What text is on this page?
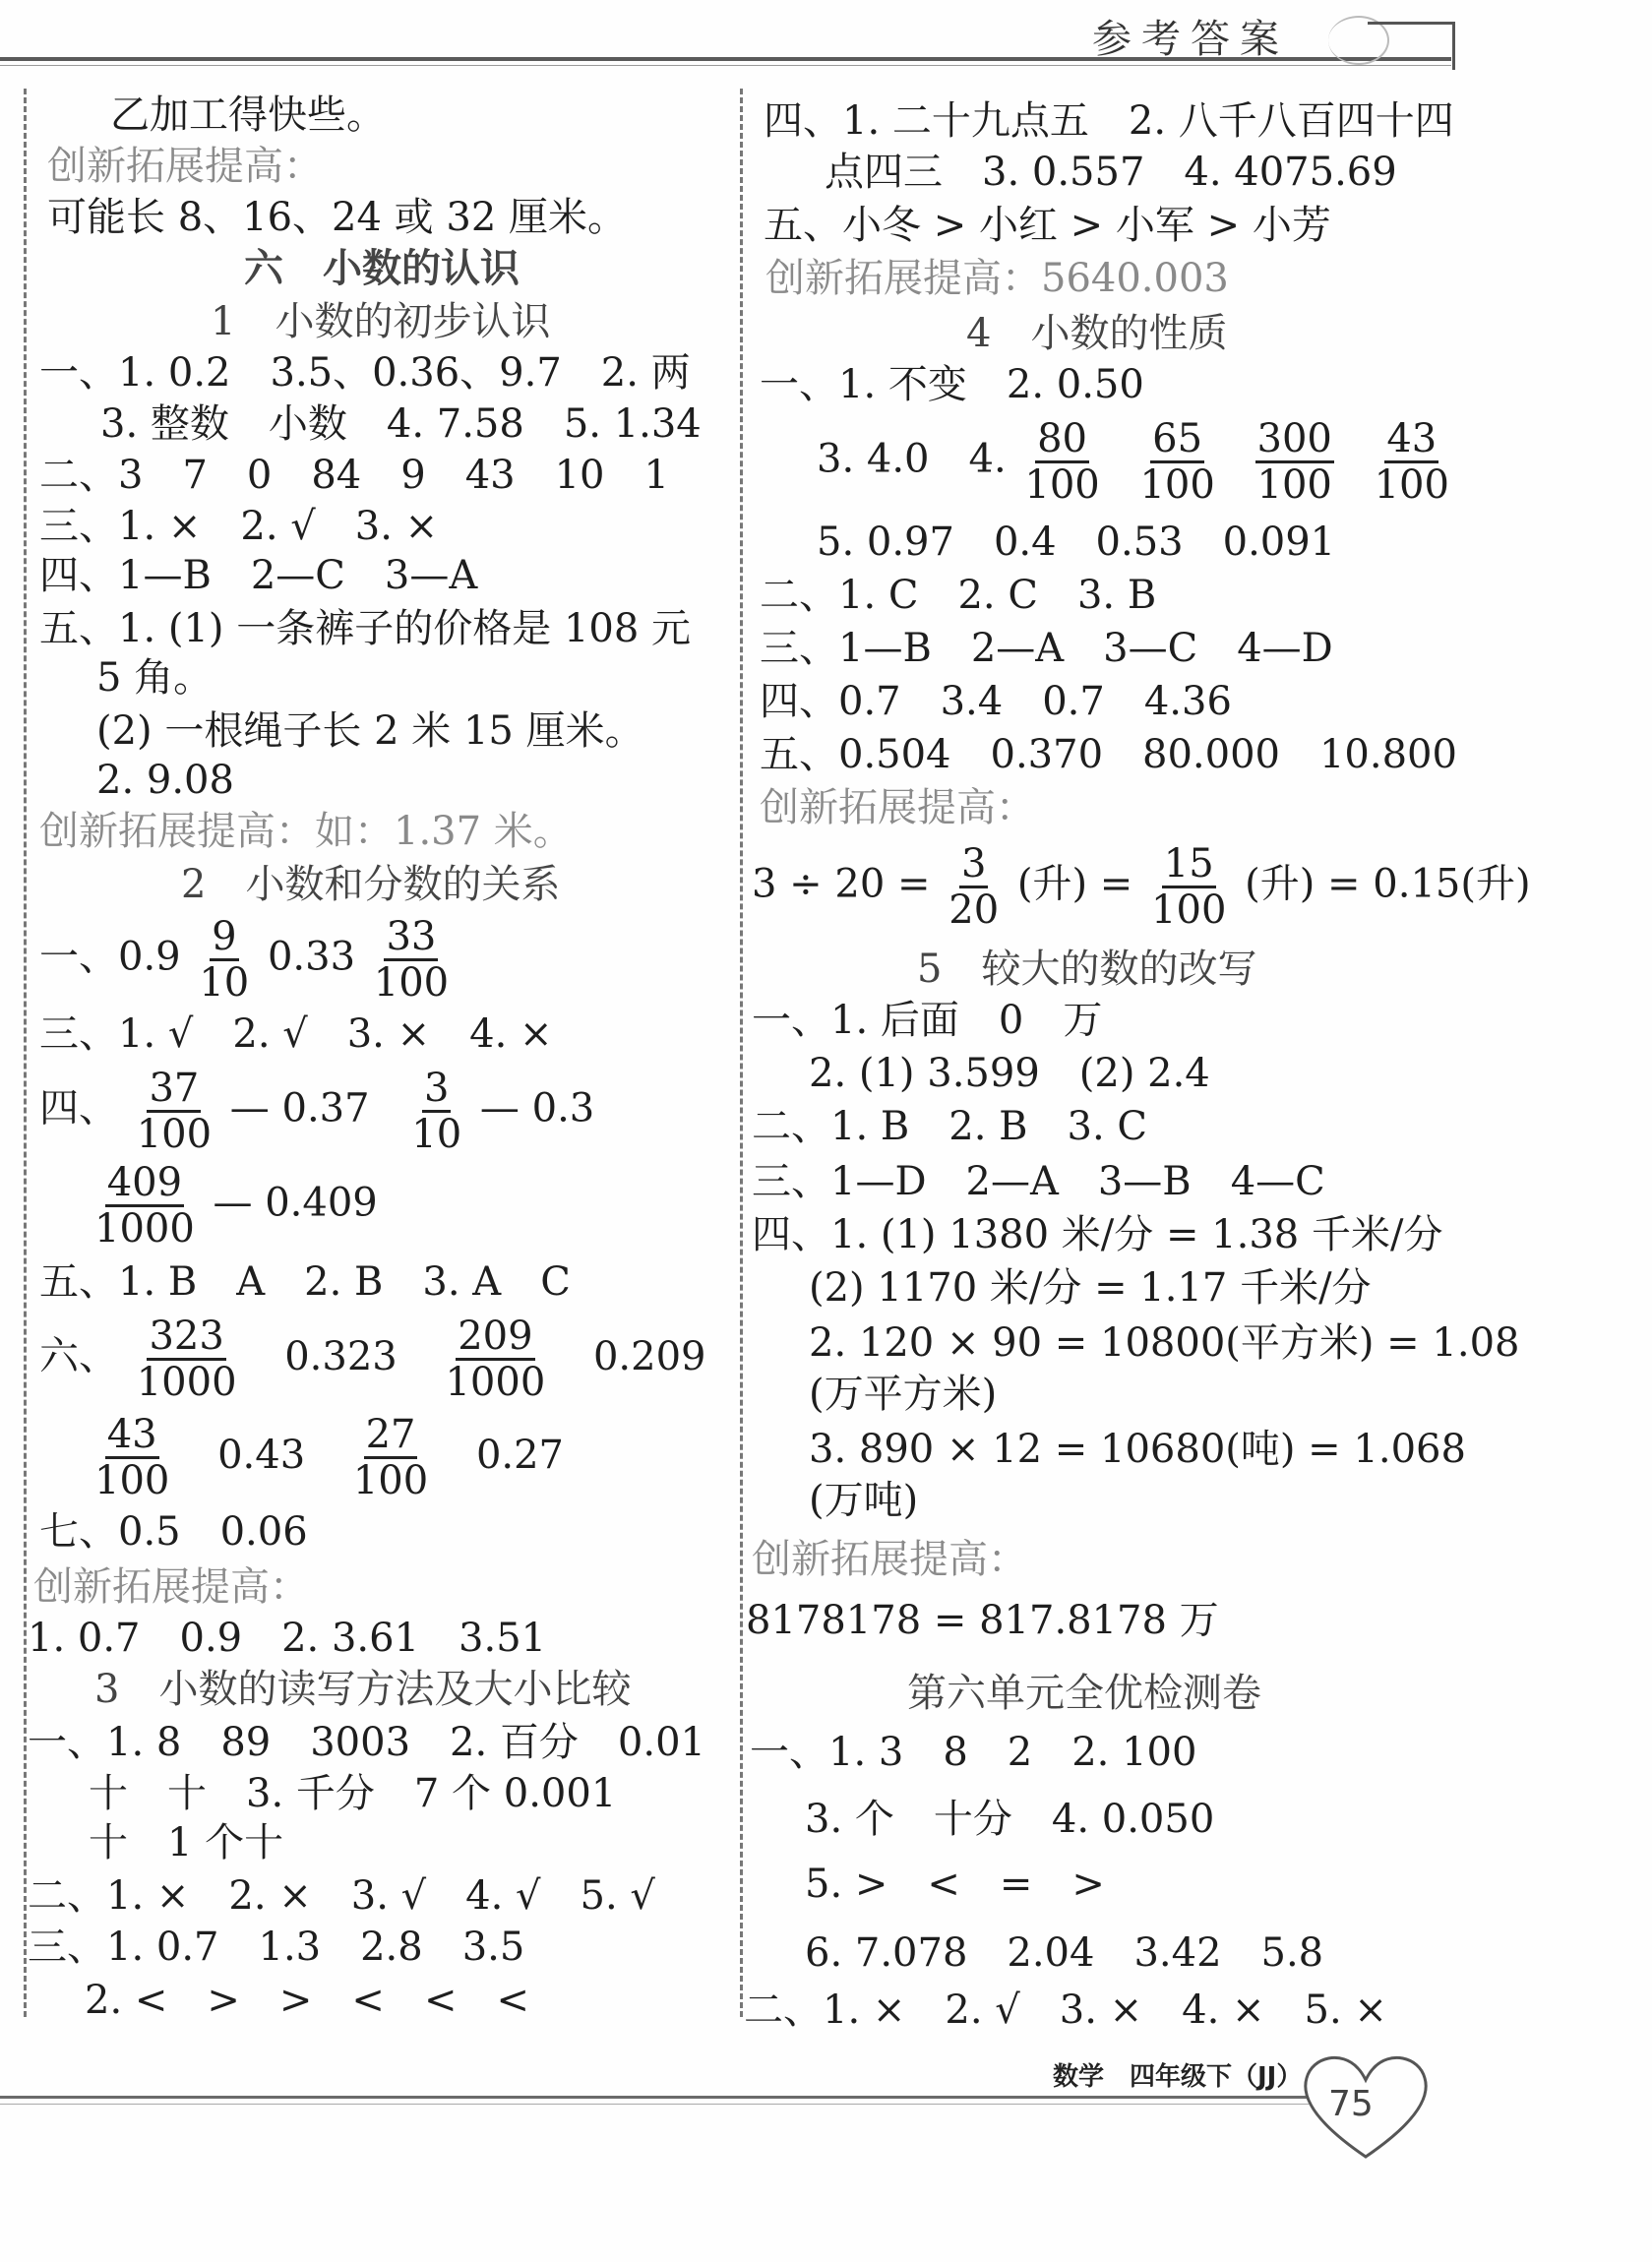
参考答案
乙加工得快些。
创新拓展提高：
可能长 8、16、24 或 32 厘米。
六　小数的认识
1　小数的初步认识
一、1. 0.2　3.5、0.36、9.7　2. 两
3. 整数　小数　4. 7.58　5. 1.34
二、3　7　0　84　9　43　10　1
三、1. ×　2. √　3. ×
四、1—B　2—C　3—A
五、1. (1) 一条裤子的价格是 108 元
5 角。
(2) 一根绳子长 2 米 15 厘米。
2. 9.08
创新拓展提高：如：1.37 米。
2　小数和分数的关系
一、$0.9 \frac{9}{10} 0.33 \frac{33}{100}$
三、1. √　2. √　3. ×　4. ×
四、 $\frac{37}{100}$ — $0.37 \frac{3}{10}$ — 0.3
$\frac{409}{1000}$ — 0.409
五、1. B　A　2. B　3. A　C
六、 $\frac{323}{1000} 0.323 \frac{209}{1000} 0.209$
$\frac{43}{100} 0.43 \frac{27}{100} 0.27$
七、0.5　0.06
创新拓展提高：
1. 0.7　0.9　2. 3.61　3.51
3　小数的读写方法及大小比较
一、1. 8　89　3003　2. 百分　0.01
十　十　3. 千分　7 个 0.001
十　1 个十
二、1. ×　2. ×　3. √　4. √　5. √
三、1. 0.7　1.3　2.8　3.5
2. <　>　>　<　<　<
四、1. 二十九点五　2. 八千八百四十四
点四三　3. 0.557　4. 4075.69
五、小冬 > 小红 > 小军 > 小芳
创新拓展提高：5640.003
4　小数的性质
一、1. 不变　2. 0.50
3. 4.0　4. $\frac{80}{100}$
$\frac{65}{100}$
$\frac{300}{100}$
$\frac{43}{100}$
5. 0.97　0.4　0.53　0.091
二、1. C　2. C　3. B
三、1—B　2—A　3—C　4—D
四、0.7　3.4　0.7　4.36
五、0.504　0.370　80.000　10.800
创新拓展提高：
$3 \div 20 = \frac{3}{20}$ (升) = $\frac{15}{100}$ (升) = 0.15(升)
5　较大的数的改写
一、1. 后面　0　万
2. (1) 3.599　(2) 2.4
二、1. B　2. B　3. C
三、1—D　2—A　3—B　4—C
四、1. (1) 1380 米/分 = 1.38 千米/分
(2) 1170 米/分 = 1.17 千米/分
2. 120 × 90 = 10800(平方米) = 1.08
(万平方米)
3. 890 × 12 = 10680(吨) = 1.068
(万吨)
创新拓展提高：
8178178 = 817.8178 万
第六单元全优检测卷
一、1. 3　8　2　2. 100
3. 个　十分　4. 0.050
5. >　<　=　>
6. 7.078　2.04　3.42　5.8
二、1. ×　2. √　3. ×　4. ×　5. ×
数学　四年级下（JJ）
75
